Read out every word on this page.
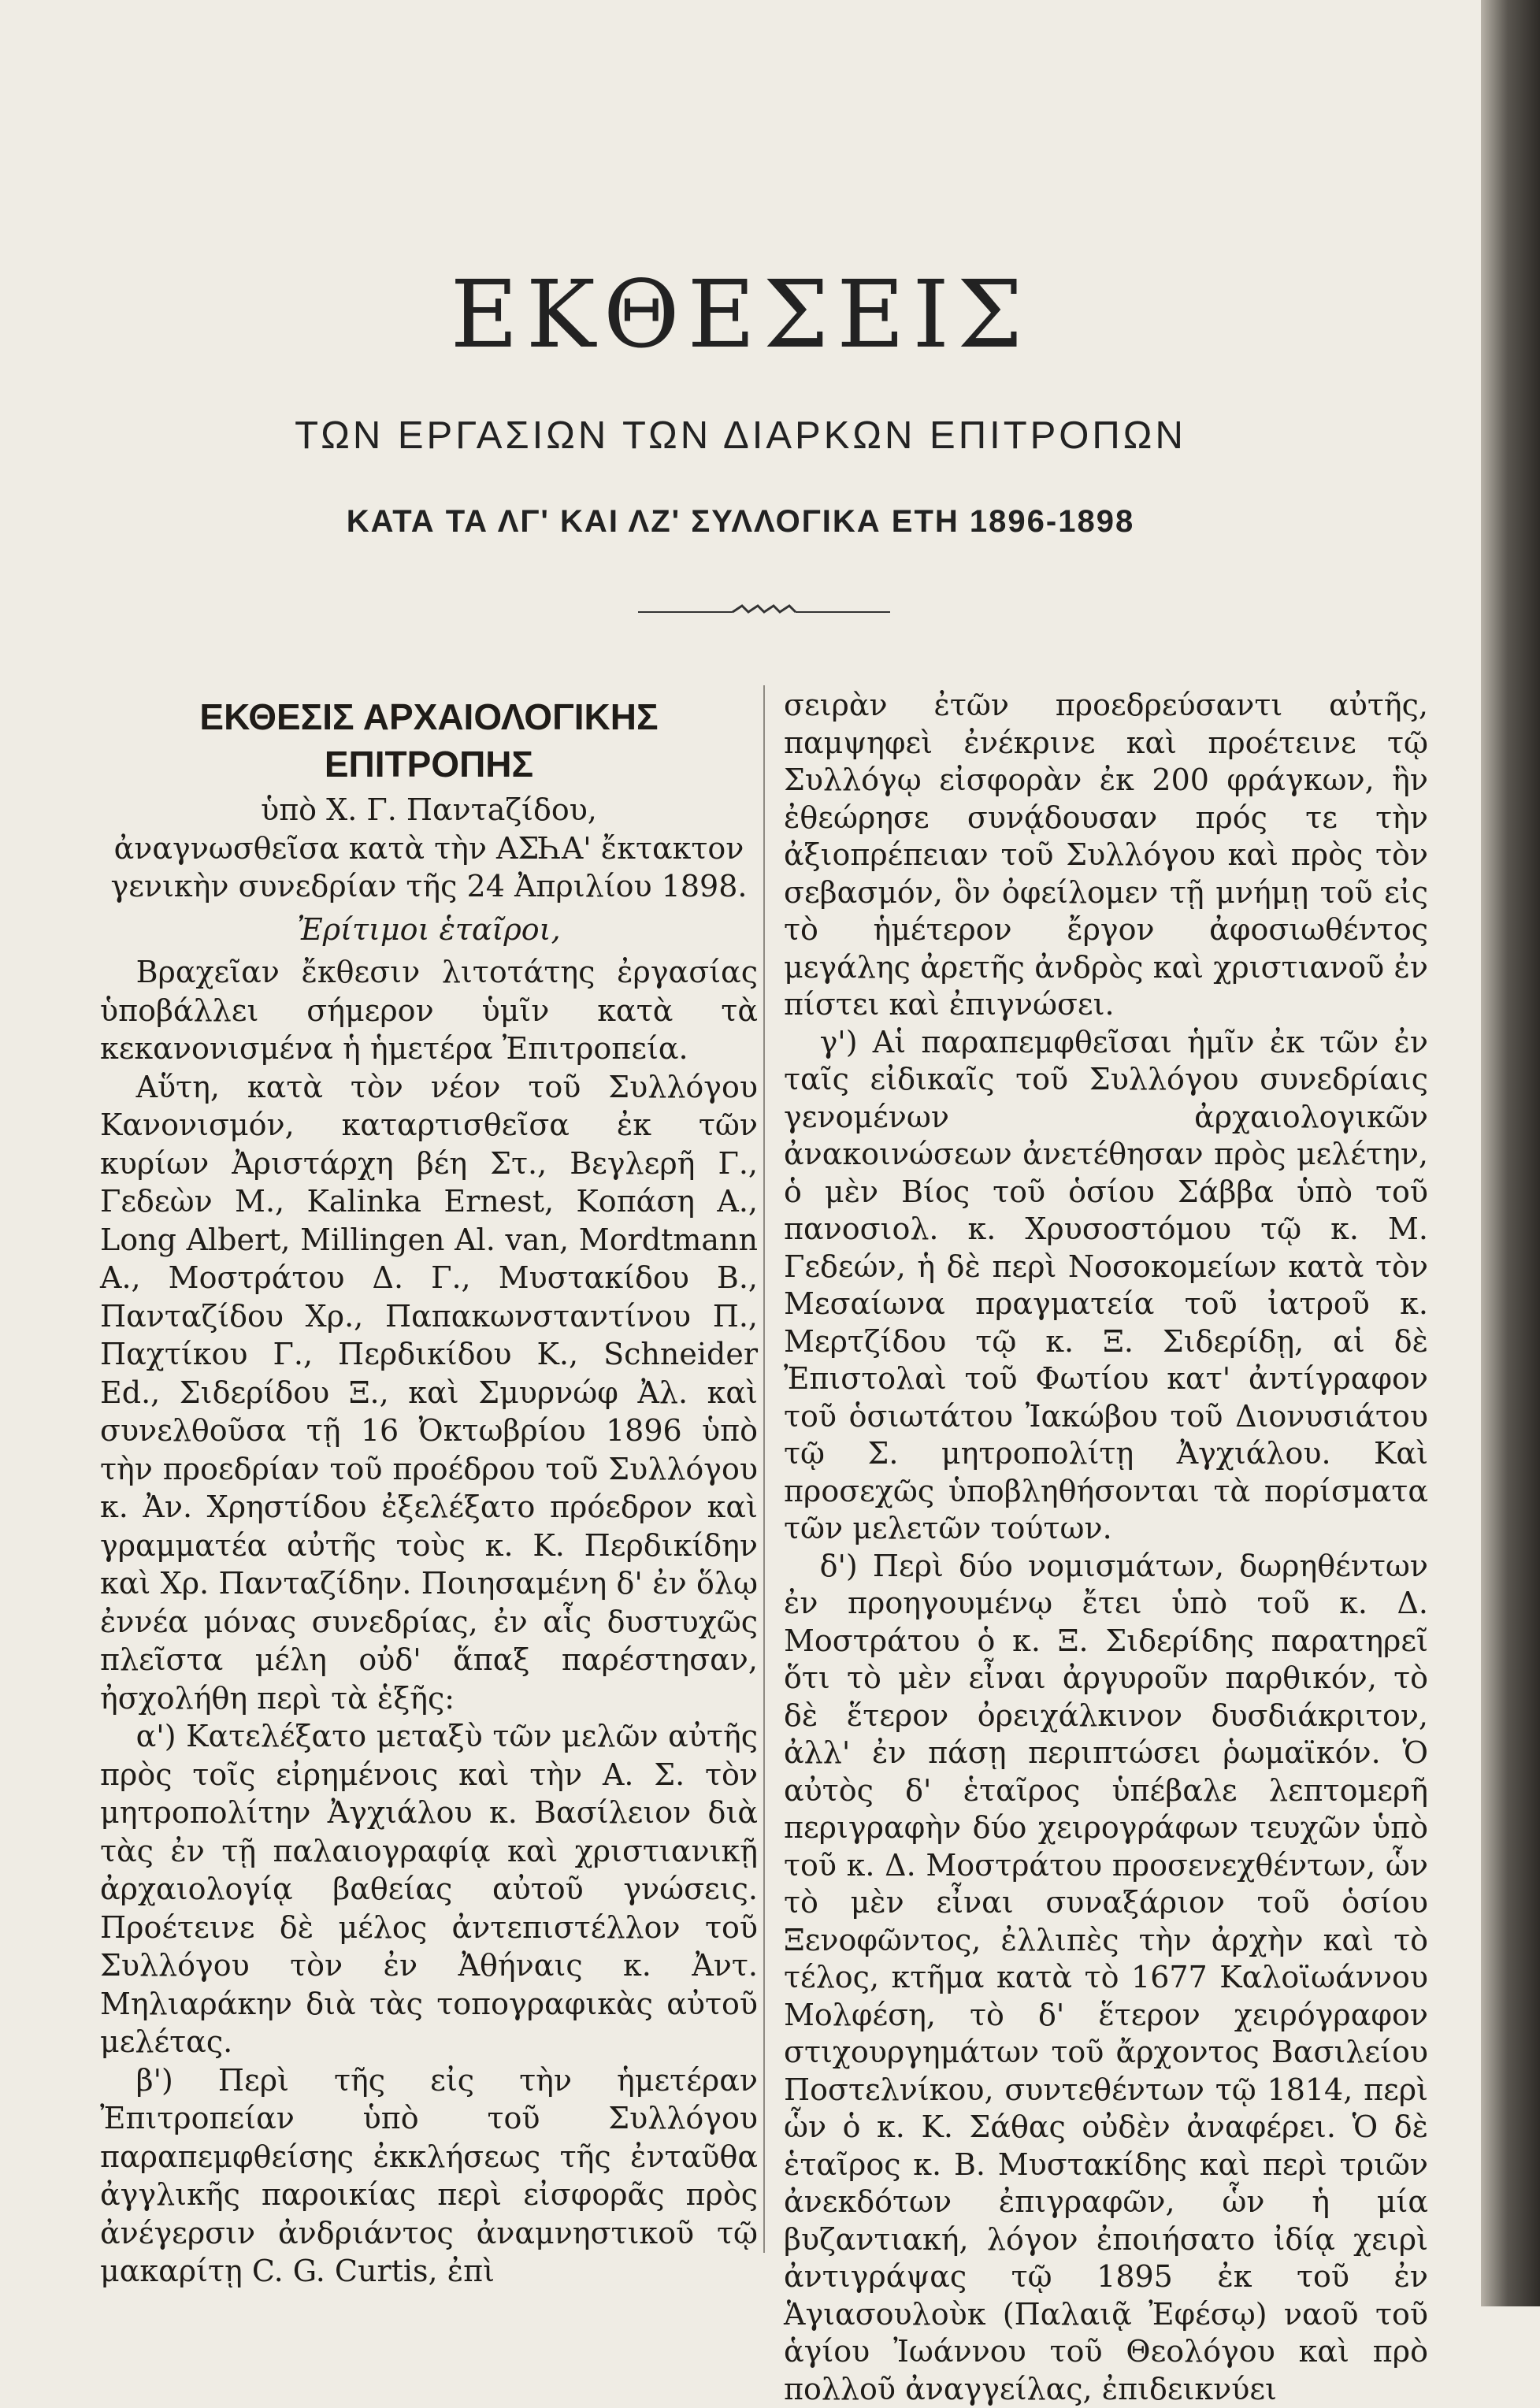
ΕΚΘΕΣΕΙΣ
ΤΩΝ ΕΡΓΑΣΙΩΝ ΤΩΝ ΔΙΑΡΚΩΝ ΕΠΙΤΡΟΠΩΝ
ΚΑΤΑ ΤΑ ΛΓ' ΚΑΙ ΛΖ' ΣΥΛΛΟΓΙΚΑ ΕΤΗ 1896-1898

ΕΚΘΕΣΙΣ ΑΡΧΑΙΟΛΟΓΙΚΗΣ ΕΠΙΤΡΟΠΗΣ

ὑπὸ Χ. Γ. Παντaζίδου,

ἀναγνωσθεῖσα κατὰ τὴν ΑΣҺΑ' ἔκτακτον

γενικὴν συνεδρίαν τῆς 24 Ἀπριλίου 1898.

Ἐρίτιμοι ἑταῖροι,

Βραχεῖαν ἔκθεσιν λιτοτάτης ἐργασίας ὑποβάλλει σήμερον ὑμῖν κατὰ τὰ κεκανονισμένα ἡ ἡμετέρα Ἐπιτροπεία.

Αὕτη, κατὰ τὸν νέον τοῦ Συλλόγου Κανονισμόν, καταρτισθεῖσα ἐκ τῶν κυρίων Ἀριστάρχη βέη Στ., Βεγλερῆ Γ., Γεδεὼν Μ., Kalinka Ernest, Κοπάση Α., Long Albert, Millingen Al. van, Mordtmann A., Μοστράτου Δ. Γ., Μυστακίδου Β., Πανταζίδου Χρ., Παπακωνσταντίνου Π., Παχτίκου Γ., Περδικίδου Κ., Schneider Ed., Σιδερίδου Ξ., καὶ Σμυρνώφ Ἀλ. καὶ συνελθοῦσα τῇ 16 Ὀκτωβρίου 1896 ὑπὸ τὴν προεδρίαν τοῦ προέδρου τοῦ Συλλόγου κ. Ἀν. Χρηστίδου ἐξελέξατο πρόεδρον καὶ γραμματέα αὐτῆς τοὺς κ. Κ. Περδικίδην καὶ Χρ. Πανταζίδην. Ποιησαμένη δ' ἐν ὅλῳ ἐννέα μόνας συνεδρίας, ἐν αἷς δυστυχῶς πλεῖστα μέλη οὐδ' ἅπαξ παρέστησαν, ἠσχολήθη περὶ τὰ ἑξῆς:

α') Κατελέξατο μεταξὺ τῶν μελῶν αὐτῆς πρὸς τοῖς εἰρημένοις καὶ τὴν Α. Σ. τὸν μητροπολίτην Ἀγχιάλου κ. Βασίλειον διὰ τὰς ἐν τῇ παλαιογραφίᾳ καὶ χριστιανικῇ ἀρχαιολογίᾳ βαθείας αὐτοῦ γνώσεις. Προέτεινε δὲ μέλος ἀντεπιστέλλον τοῦ Συλλόγου τὸν ἐν Ἀθήναις κ. Ἀντ. Μηλιαράκην διὰ τὰς τοπογραφικὰς αὐτοῦ μελέτας.

β') Περὶ τῆς εἰς τὴν ἡμετέραν Ἐπιτροπείαν ὑπὸ τοῦ Συλλόγου παραπεμφθείσης ἐκκλήσεως τῆς ἐνταῦθα ἀγγλικῆς παροικίας περὶ εἰσφορᾶς πρὸς ἀνέγερσιν ἀνδριάντος ἀναμνηστικοῦ τῷ μακαρίτῃ C. G. Curtis, ἐπὶ

σειρὰν ἐτῶν προεδρεύσαντι αὐτῆς, παμψηφεὶ ἐνέκρινε καὶ προέτεινε τῷ Συλλόγῳ εἰσφορὰν ἐκ 200 φράγκων, ἣν ἐθεώρησε συνᾴδουσαν πρός τε τὴν ἀξιοπρέπειαν τοῦ Συλλόγου καὶ πρὸς τὸν σεβασμόν, ὃν ὀφείλομεν τῇ μνήμῃ τοῦ εἰς τὸ ἡμέτερον ἔργον ἀφοσιωθέντος μεγάλης ἀρετῆς ἀνδρὸς καὶ χριστιανοῦ ἐν πίστει καὶ ἐπιγνώσει.

γ') Αἱ παραπεμφθεῖσαι ἡμῖν ἐκ τῶν ἐν ταῖς εἰδικαῖς τοῦ Συλλόγου συνεδρίαις γενομένων ἀρχαιολογικῶν ἀνακοινώσεων ἀνετέθησαν πρὸς μελέτην, ὁ μὲν Βίος τοῦ ὁσίου Σάββα ὑπὸ τοῦ πανοσιολ. κ. Χρυσοστόμου τῷ κ. Μ. Γεδεών, ἡ δὲ περὶ Νοσοκομείων κατὰ τὸν Μεσαίωνα πραγματεία τοῦ ἰατροῦ κ. Μερτζίδου τῷ κ. Ξ. Σιδερίδῃ, αἱ δὲ Ἐπιστολαὶ τοῦ Φωτίου κατ' ἀντίγραφον τοῦ ὁσιωτάτου Ἰακώβου τοῦ Διονυσιάτου τῷ Σ. μητροπολίτῃ Ἀγχιάλου. Καὶ προσεχῶς ὑποβληθήσονται τὰ πορίσματα τῶν μελετῶν τούτων.

δ') Περὶ δύο νομισμάτων, δωρηθέντων ἐν προηγουμένῳ ἔτει ὑπὸ τοῦ κ. Δ. Μοστράτου ὁ κ. Ξ. Σιδερίδης παρατηρεῖ ὅτι τὸ μὲν εἶναι ἀργυροῦν παρθικόν, τὸ δὲ ἕτερον ὀρειχάλκινον δυσδιάκριτον, ἀλλ' ἐν πάσῃ περιπτώσει ῥωμαϊκόν. Ὁ αὐτὸς δ' ἑταῖρος ὑπέβαλε λεπτομερῆ περιγραφὴν δύο χειρογράφων τευχῶν ὑπὸ τοῦ κ. Δ. Μοστράτου προσενεχθέντων, ὧν τὸ μὲν εἶναι συναξάριον τοῦ ὁσίου Ξενοφῶντος, ἐλλιπὲς τὴν ἀρχὴν καὶ τὸ τέλος, κτῆμα κατὰ τὸ 1677 Καλοϊωάννου Μολφέση, τὸ δ' ἕτερον χειρόγραφον στιχουργημάτων τοῦ ἄρχοντος Βασιλείου Ποστελνίκου, συντεθέντων τῷ 1814, περὶ ὧν ὁ κ. Κ. Σάθας οὐδὲν ἀναφέρει. Ὁ δὲ ἑταῖρος κ. Β. Μυστακίδης καὶ περὶ τριῶν ἀνεκδότων ἐπιγραφῶν, ὧν ἡ μία βυζαντιακή, λόγον ἐποιήσατο ἰδίᾳ χειρὶ ἀντιγράψας τῷ 1895 ἐκ τοῦ ἐν Ἁγιασουλοὺκ (Παλαιᾷ Ἐφέσῳ) ναοῦ τοῦ ἁγίου Ἰωάννου τοῦ Θεολόγου καὶ πρὸ πολλοῦ ἀναγγείλας, ἐπιδεικνύει
